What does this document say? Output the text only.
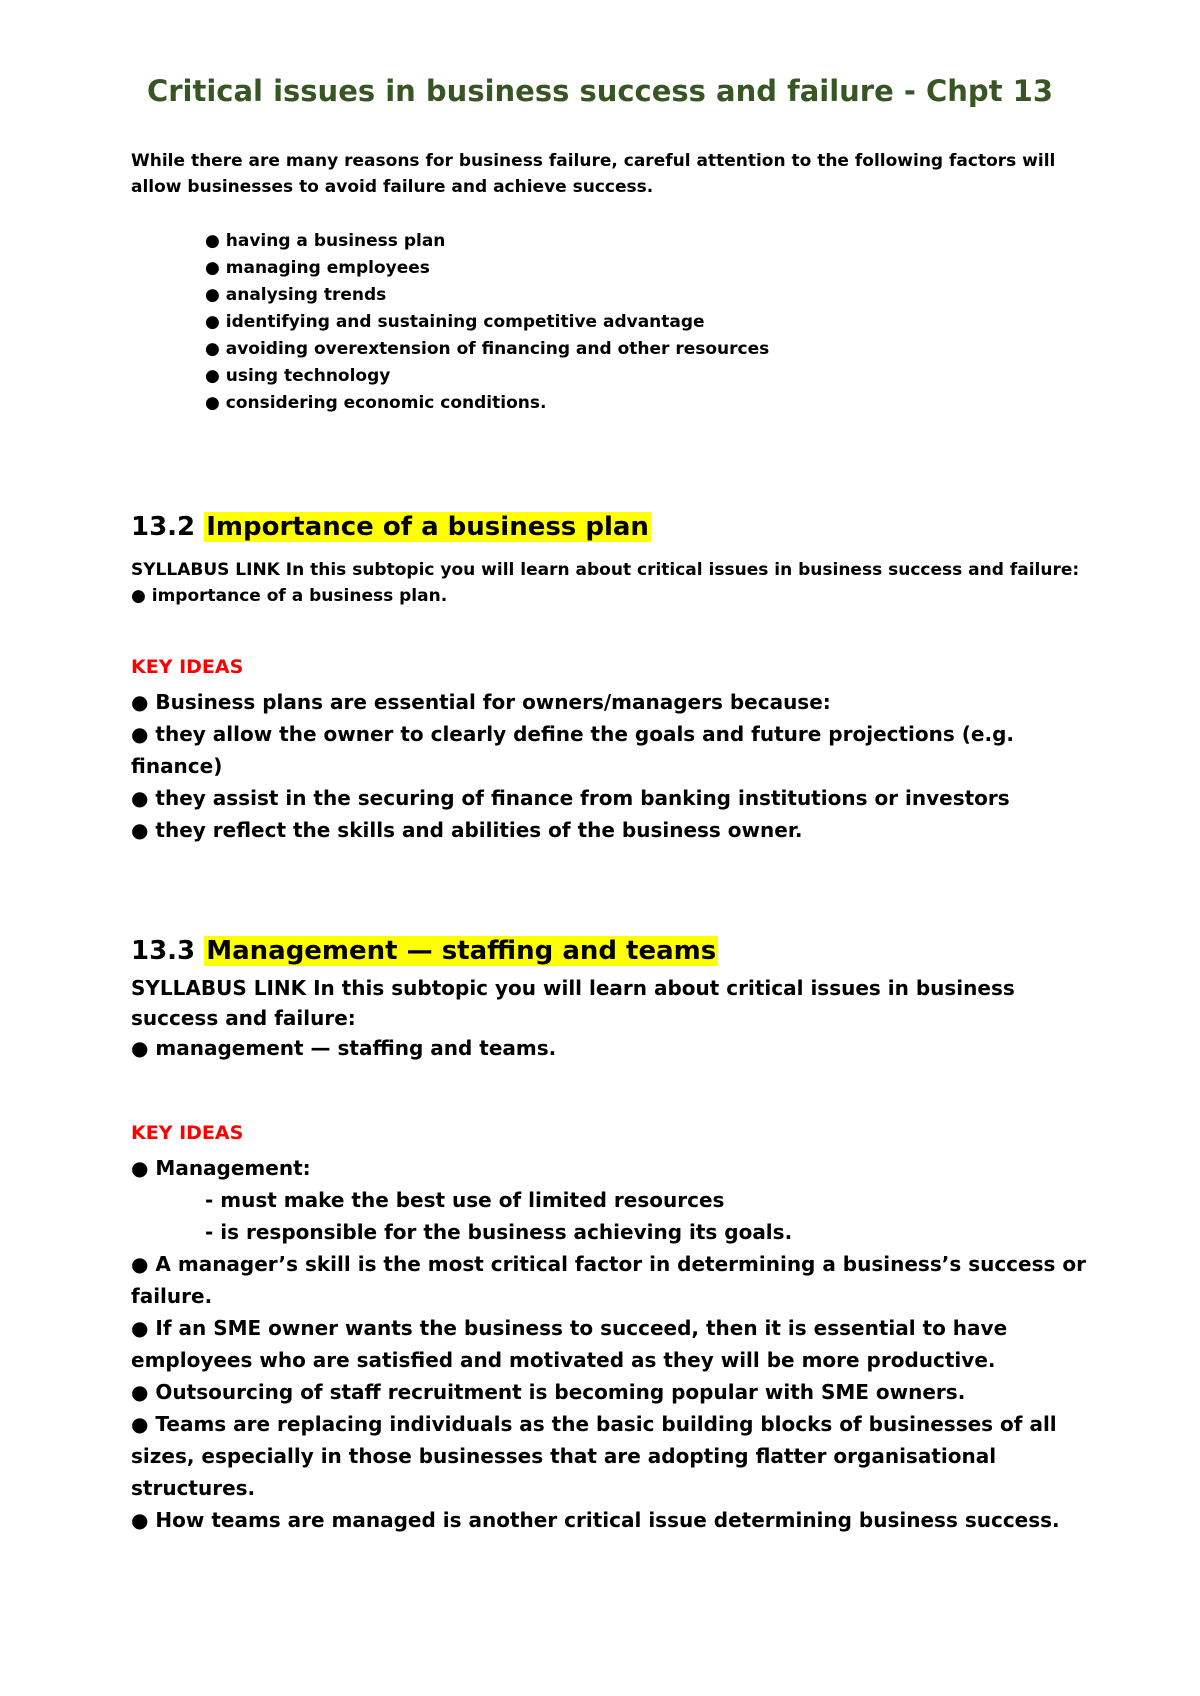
Critical issues in business success and failure - Chpt 13

While there are many reasons for business failure, careful attention to the following factors will allow businesses to avoid failure and achieve success.

● having a business plan
● managing employees
● analysing trends
● identifying and sustaining competitive advantage
● avoiding overextension of financing and other resources
● using technology
● considering economic conditions.
13.2 Importance of a business plan

SYLLABUS LINK In this subtopic you will learn about critical issues in business success and failure:

● importance of a business plan.

KEY IDEAS
● Business plans are essential for owners/managers because:
● they allow the owner to clearly define the goals and future projections (e.g. finance)
● they assist in the securing of finance from banking institutions or investors
● they reflect the skills and abilities of the business owner.
13.3 Management — staffing and teams

SYLLABUS LINK In this subtopic you will learn about critical issues in business success and failure:

● management — staffing and teams.

KEY IDEAS
● Management:
- must make the best use of limited resources
- is responsible for the business achieving its goals.
● A manager’s skill is the most critical factor in determining a business’s success or failure.
● If an SME owner wants the business to succeed, then it is essential to have employees who are satisfied and motivated as they will be more productive.
● Outsourcing of staff recruitment is becoming popular with SME owners.
● Teams are replacing individuals as the basic building blocks of businesses of all sizes, especially in those businesses that are adopting flatter organisational structures.
● How teams are managed is another critical issue determining business success.
